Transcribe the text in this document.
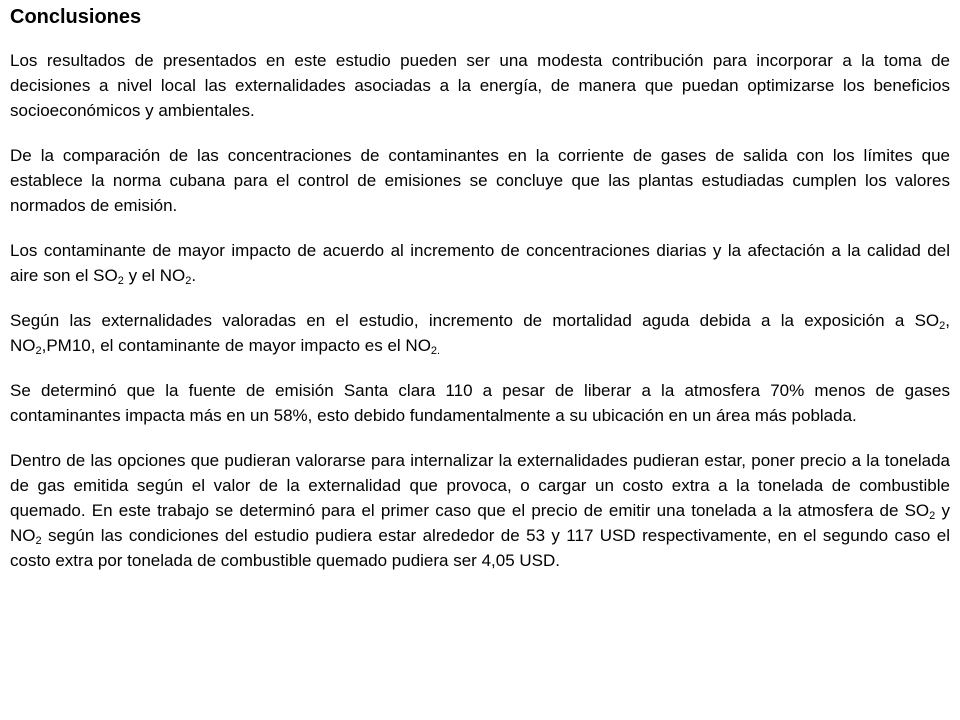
Conclusiones

Los resultados de presentados en este estudio pueden ser una modesta contribución para incorporar a la toma de decisiones a nivel local las externalidades asociadas a la energía, de manera que puedan optimizarse los beneficios socioeconómicos y ambientales.

De la comparación de las concentraciones de contaminantes en la corriente de gases de salida con los límites que establece la norma cubana para el control de emisiones se concluye que las plantas estudiadas cumplen los valores normados de emisión.

Los contaminante de mayor impacto de acuerdo al incremento de concentraciones diarias y la afectación a la calidad del aire son el $SO_2$ y el $NO_2$.

Según las externalidades valoradas en el estudio, incremento de mortalidad aguda debida a la exposición a $SO_2$, $NO_2,PM10$, el contaminante de mayor impacto es el $NO_{2.}$

Se determinó que la fuente de emisión Santa clara 110 a pesar de liberar a la atmosfera 70% menos de gases contaminantes impacta más en un 58%, esto debido fundamentalmente a su ubicación en un área más poblada.

Dentro de las opciones que pudieran valorarse para internalizar la externalidades pudieran estar, poner precio a la tonelada de gas emitida según el valor de la externalidad que provoca, o cargar un costo extra a la tonelada de combustible quemado. En este trabajo se determinó para el primer caso que el precio de emitir una tonelada a la atmosfera de $SO_2$ y $NO_2$ según las condiciones del estudio pudiera estar alrededor de 53 y 117 USD respectivamente, en el segundo caso el costo extra por tonelada de combustible quemado pudiera ser 4,05 USD.
